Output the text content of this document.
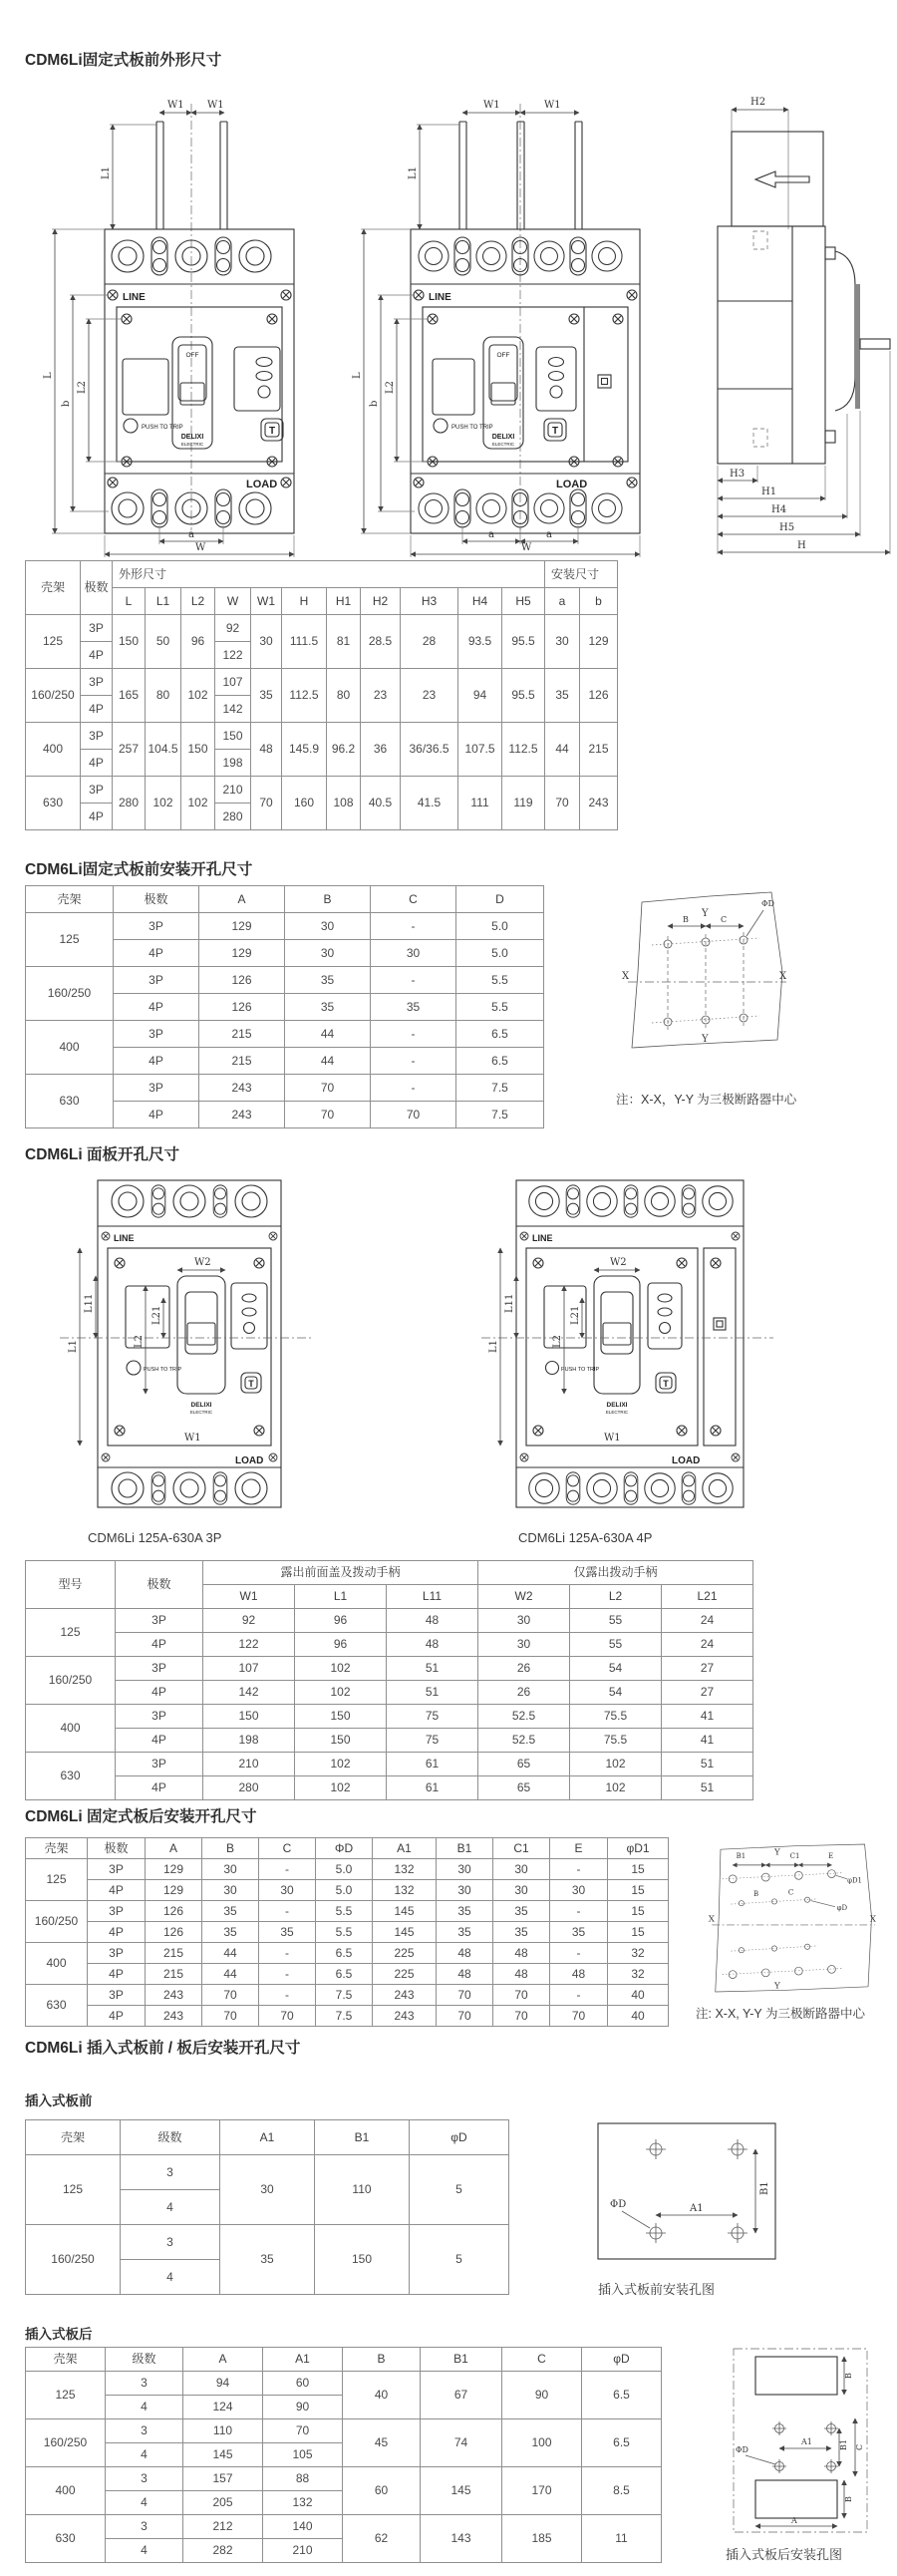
CDM6Li固定式板前外形尺寸
W1 W1
L1
LINE
LOAD
OFF
PUSH TO TRIP
DELIXI
ELECTRIC
T
L
b
L2
a
W
W1	W1
L1
LINE
LOAD
OFF
PUSH TO TRIP
DELIXI
ELECTRIC
T
L
b
L2
a	a
W
H2
H3
H1
H4
H5
H
壳架	极数	外形尺寸											安装尺寸	
		L	L1	L2	W	W1	H	H1	H2	H3	H4	H5	a	b
125	3P	150	50	96	92	30	111.5	81	28.5	28	93.5	95.5	30	129
	4P				122									
160/250	3P	165	80	102	107	35	112.5	80	23	23	94	95.5	35	126
	4P				142									
400	3P	257	104.5	150	150	48	145.9	96.2	36	36/36.5	107.5	112.5	44	215
	4P				198									
630	3P	280	102	102	210	70	160	108	40.5	41.5	111	119	70	243
	4P				280									
CDM6Li固定式板前安装开孔尺寸
壳架	极数	A	B	C	D
125	3P	129	30	-	5.0
	4P	129	30	30	5.0
160/250	3P	126	35	-	5.5
	4P	126	35	35	5.5
400	3P	215	44	-	6.5
	4P	215	44	-	6.5
630	3P	243	70	-	7.5
	4P	243	70	70	7.5
Y
B	C
ΦD
X	X
Y
注：X-X，Y-Y 为三极断路器中心
CDM6Li 面板开孔尺寸
LINE
LOAD
PUSH TO TRIP
DELIXI
ELECTRIC
T
W1
W2
L1
L11
L2
L21
LINE
LOAD
PUSH TO TRIP
DELIXI
ELECTRIC
T
W1
W2
L1
L11
L2
L21
CDM6Li 125A-630A 3P	CDM6Li 125A-630A 4P
型号	极数	露出前面盖及拨动手柄			仅露出拨动手柄		
		W1	L1	L11	W2	L2	L21
125	3P	92	96	48	30	55	24
	4P	122	96	48	30	55	24
160/250	3P	107	102	51	26	54	27
	4P	142	102	51	26	54	27
400	3P	150	150	75	52.5	75.5	41
	4P	198	150	75	52.5	75.5	41
630	3P	210	102	61	65	102	51
	4P	280	102	61	65	102	51
CDM6Li 固定式板后安装开孔尺寸
壳架	极数	A	B	C	ΦD	A1	B1	C1	E	φD1
125	3P	129	30	-	5.0	132	30	30	-	15
	4P	129	30	30	5.0	132	30	30	30	15
160/250	3P	126	35	-	5.5	145	35	35	-	15
	4P	126	35	35	5.5	145	35	35	35	15
400	3P	215	44	-	6.5	225	48	48	-	32
	4P	215	44	-	6.5	225	48	48	48	32
630	3P	243	70	-	7.5	243	70	70	-	40
	4P	243	70	70	7.5	243	70	70	70	40
B1	Y C1	E
φD1
B	C
φD
X	X
Y
注: X-X, Y-Y 为三极断路器中心
CDM6Li 插入式板前 / 板后安装开孔尺寸
插入式板前
壳架	级数	A1	B1	φD
125	3	30	110	5
	4			
160/250	3	35	150	5
	4			
ΦD	A1
B1
插入式板前安装孔图
插入式板后
壳架	级数	A	A1	B	B1	C	φD
125	3	94	60	40	67	90	6.5
	4	124	90				
160/250	3	110	70	45	74	100	6.5
	4	145	105				
400	3	157	88	60	145	170	8.5
	4	205	132				
630	3	212	140	62	143	185	11
	4	282	210				
B
ΦD
A1	B1 C
B
A
插入式板后安装孔图
